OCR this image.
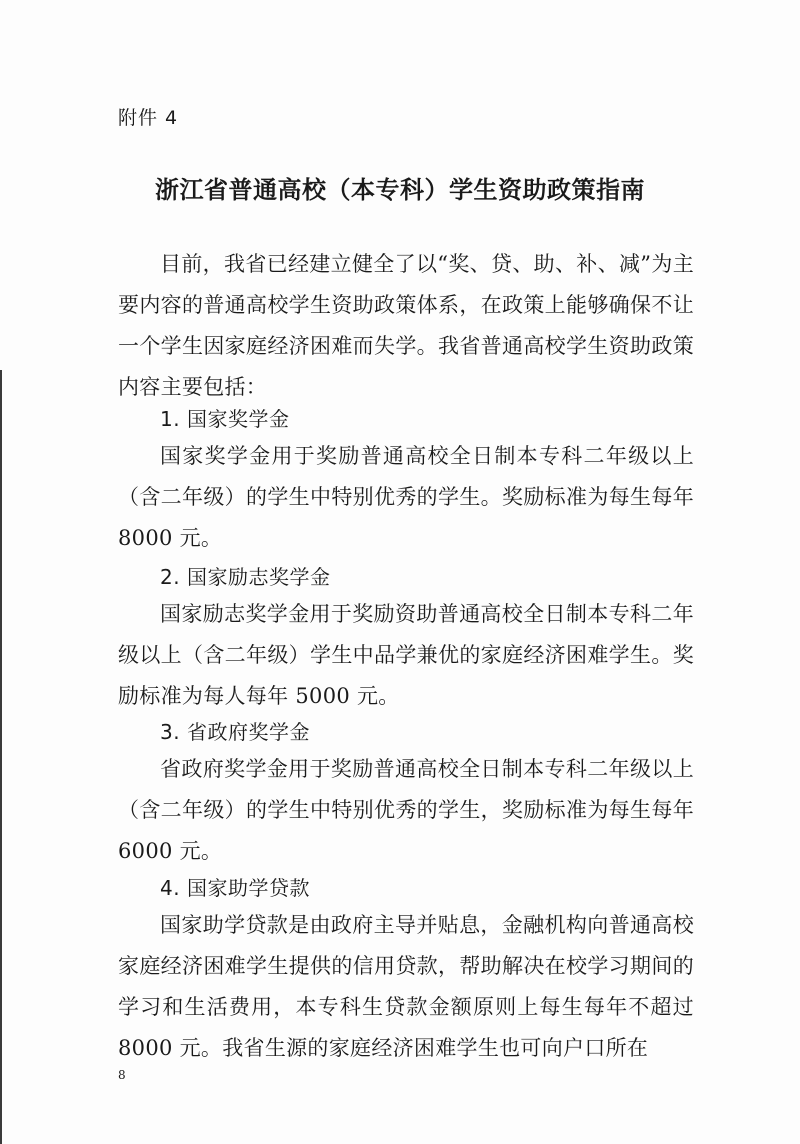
附件 4
浙江省普通高校（本专科）学生资助政策指南
目前，我省已经建立健全了以“奖、贷、助、补、减”为主要内容的普通高校学生资助政策体系，在政策上能够确保不让一个学生因家庭经济困难而失学。我省普通高校学生资助政策内容主要包括：
1. 国家奖学金
国家奖学金用于奖励普通高校全日制本专科二年级以上（含二年级）的学生中特别优秀的学生。奖励标准为每生每年 8000 元。
2. 国家励志奖学金
国家励志奖学金用于奖励资助普通高校全日制本专科二年级以上（含二年级）学生中品学兼优的家庭经济困难学生。奖励标准为每人每年 5000 元。
3. 省政府奖学金
省政府奖学金用于奖励普通高校全日制本专科二年级以上（含二年级）的学生中特别优秀的学生，奖励标准为每生每年 6000 元。
4. 国家助学贷款
国家助学贷款是由政府主导并贴息，金融机构向普通高校家庭经济困难学生提供的信用贷款，帮助解决在校学习期间的学习和生活费用，本专科生贷款金额原则上每生每年不超过 8000 元。我省生源的家庭经济困难学生也可向户口所在
8
